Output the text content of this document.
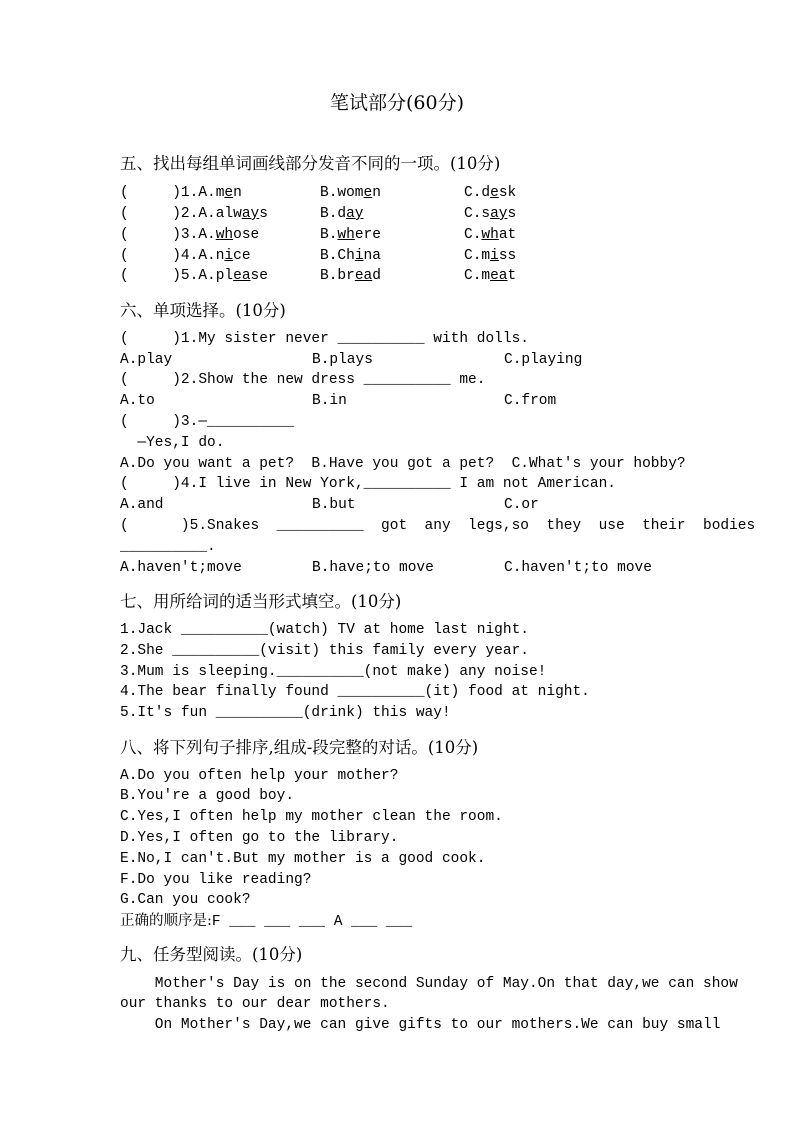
笔试部分(60分)
五、找出每组单词画线部分发音不同的一项。(10分)
(     )1.A.men	B.women	C.desk
(     )2.A.always	B.day	C.says
(     )3.A.whose	B.where	C.what
(     )4.A.nice	B.China	C.miss
(     )5.A.please	B.bread	C.meat
六、单项选择。(10分)
(     )1.My sister never __________ with dolls.
A.play	B.plays	C.playing
(     )2.Show the new dress __________ me.
A.to	B.in	C.from
(     )3.—__________
—Yes,I do.
A.Do you want a pet?  B.Have you got a pet?  C.What's your hobby?
(     )4.I live in New York,__________ I am not American.
A.and	B.but	C.or
(      )5.Snakes  __________  got  any  legs,so  they  use  their  bodies
__________.
A.haven't;move	B.have;to move	C.haven't;to move
七、用所给词的适当形式填空。(10分)
1.Jack __________(watch) TV at home last night.
2.She __________(visit) this family every year.
3.Mum is sleeping.__________(not make) any noise!
4.The bear finally found __________(it) food at night.
5.It's fun __________(drink) this way!
八、将下列句子排序,组成-段完整的对话。(10分)
A.Do you often help your mother?
B.You're a good boy.
C.Yes,I often help my mother clean the room.
D.Yes,I often go to the library.
E.No,I can't.But my mother is a good cook.
F.Do you like reading?
G.Can you cook?
正确的顺序是:F ___ ___ ___ A ___ ___
九、任务型阅读。(10分)
Mother's Day is on the second Sunday of May.On that day,we can show
our thanks to our dear mothers.
On Mother's Day,we can give gifts to our mothers.We can buy small
